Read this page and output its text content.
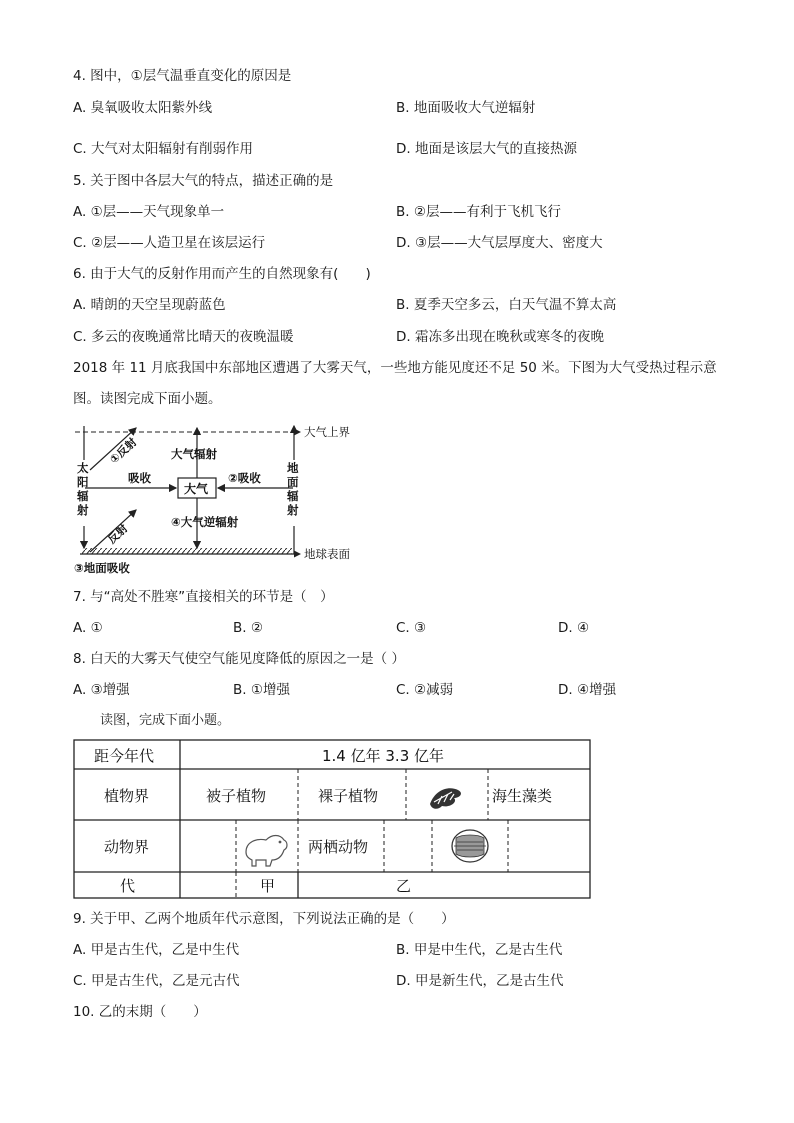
4. 图中，①层气温垂直变化的原因是
A. 臭氧吸收太阳紫外线	B. 地面吸收大气逆辐射
C. 大气对太阳辐射有削弱作用	D. 地面是该层大气的直接热源
5. 关于图中各层大气的特点，描述正确的是
A. ①层——天气现象单一	B. ②层——有利于飞机飞行
C. ②层——人造卫星在该层运行	D. ③层——大气层厚度大、密度大
6. 由于大气的反射作用而产生的自然现象有(　　)
A. 晴朗的天空呈现蔚蓝色	B. 夏季天空多云，白天气温不算太高
C. 多云的夜晚通常比晴天的夜晚温暖	D. 霜冻多出现在晚秋或寒冬的夜晚
2018 年 11 月底我国中东部地区遭遇了大雾天气，一些地方能见度还不足 50 米。下图为大气受热过程示意
图。读图完成下面小题。
大气上界
地球表面
太
阳
辐
射
地
面
辐
射
①反射
反射
大气辐射
④大气逆辐射
吸收	②吸收
大气
③地面吸收
7. 与“高处不胜寒”直接相关的环节是（　）
A. ①	B. ②	C. ③	D. ④
8. 白天的大雾天气使空气能见度降低的原因之一是（ ）
A. ③增强	B. ①增强	C. ②减弱	D. ④增强
读图，完成下面小题。
距今年代	1.4 亿年 3.3 亿年
植物界	被子植物	裸子植物	海生藻类
动物界	两栖动物
代	甲	乙
9. 关于甲、乙两个地质年代示意图，下列说法正确的是（　　）
A. 甲是古生代，乙是中生代	B. 甲是中生代，乙是古生代
C. 甲是古生代，乙是元古代	D. 甲是新生代，乙是古生代
10. 乙的末期（　　）
